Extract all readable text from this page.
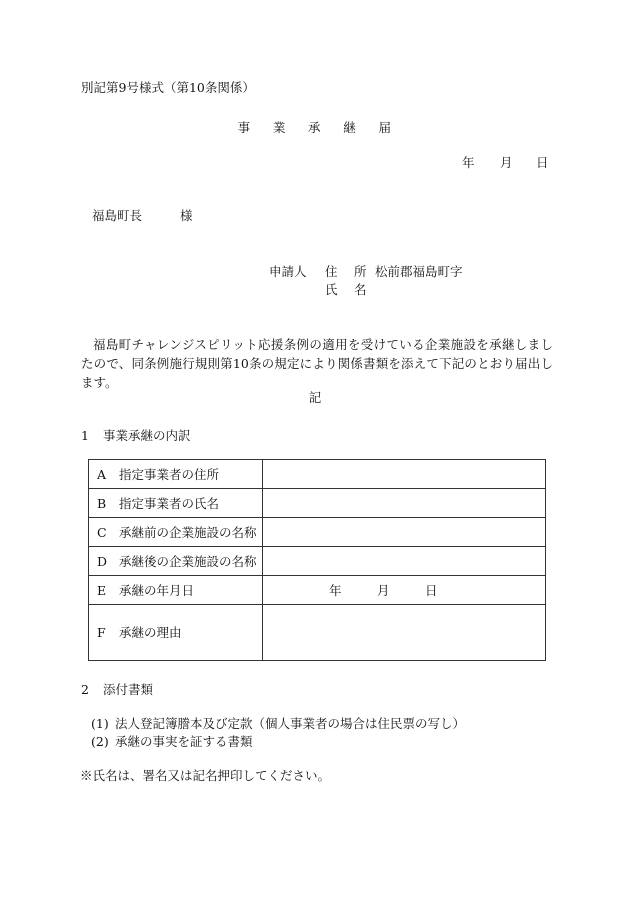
別記第9号様式（第10条関係）
事 業 承 継 届
年 月 日
福島町長	様
申請人	住 所 松前郡福島町字
氏 名
福島町チャレンジスピリット応援条例の適用を受けている企業施設を承継しましたので、同条例施行規則第10条の規定により関係書類を添えて下記のとおり届出します。
記
1 事業承継の内訳
A 指定事業者の住所	
B 指定事業者の氏名	
C 承継前の企業施設の名称	
D 承継後の企業施設の名称	
E 承継の年月日	年 月 日
F 承継の理由	
2 添付書類
(1) 法人登記簿謄本及び定款（個人事業者の場合は住民票の写し）
(2) 承継の事実を証する書類
※氏名は、署名又は記名押印してください。
